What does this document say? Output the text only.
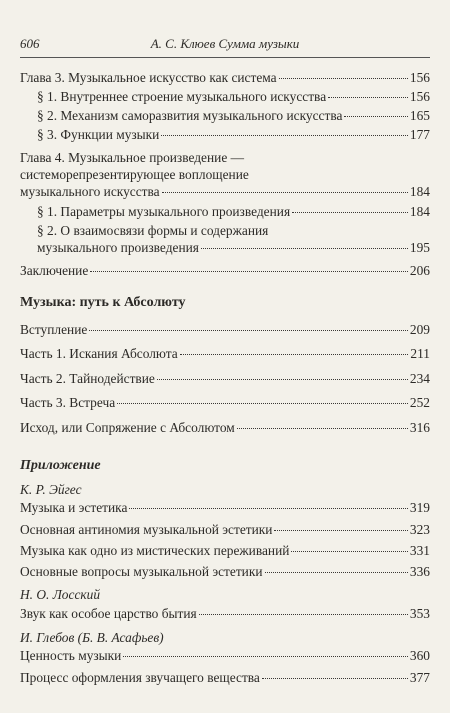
606	А. С. Клюев Сумма музыки
Глава 3. Музыкальное искусство как система	156
§ 1. Внутреннее строение музыкального искусства	156
§ 2. Механизм саморазвития музыкального искусства	165
§ 3. Функции музыки	177
Глава 4. Музыкальное произведение —
системорепрезентирующее воплощение
музыкального искусства	184
§ 1. Параметры музыкального произведения	184
§ 2. О взаимосвязи формы и содержания
музыкального произведения	195
Заключение	206
Музыка: путь к Абсолюту
Вступление	209
Часть 1. Искания Абсолюта	211
Часть 2. Тайнодействие	234
Часть 3. Встреча	252
Исход, или Сопряжение с Абсолютом	316
Приложение
К. Р. Эйгес
Музыка и эстетика	319
Основная антиномия музыкальной эстетики	323
Музыка как одно из мистических переживаний	331
Основные вопросы музыкальной эстетики	336
Н. О. Лосский
Звук как особое царство бытия	353
И. Глебов (Б. В. Асафьев)
Ценность музыки	360
Процесс оформления звучащего вещества	377
